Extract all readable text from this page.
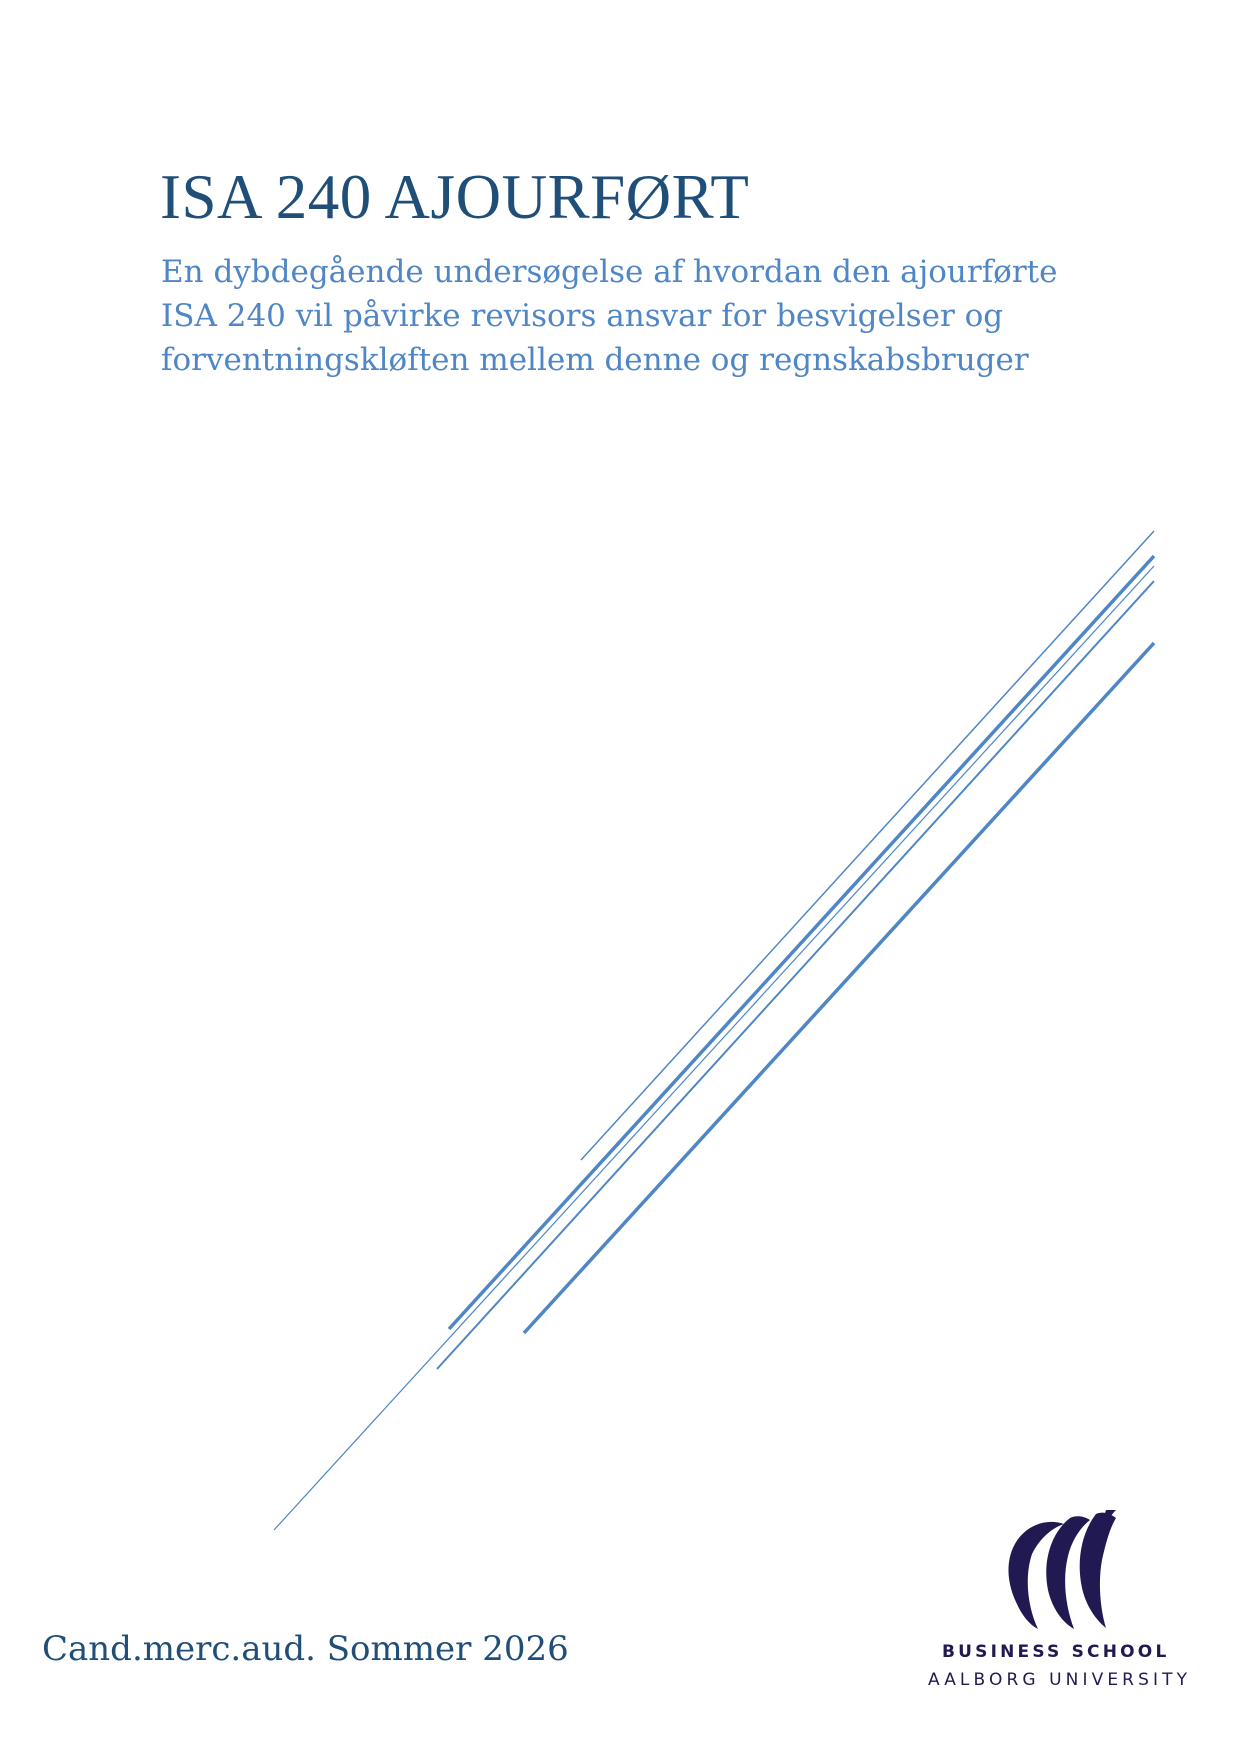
ISA 240 AJOURFØRT
En dybdegående undersøgelse af hvordan den ajourførte
ISA 240 vil påvirke revisors ansvar for besvigelser og
forventningskløften mellem denne og regnskabsbruger
Cand.merc.aud. Sommer 2026	BUSINESS SCHOOL
AALBORG UNIVERSITY
